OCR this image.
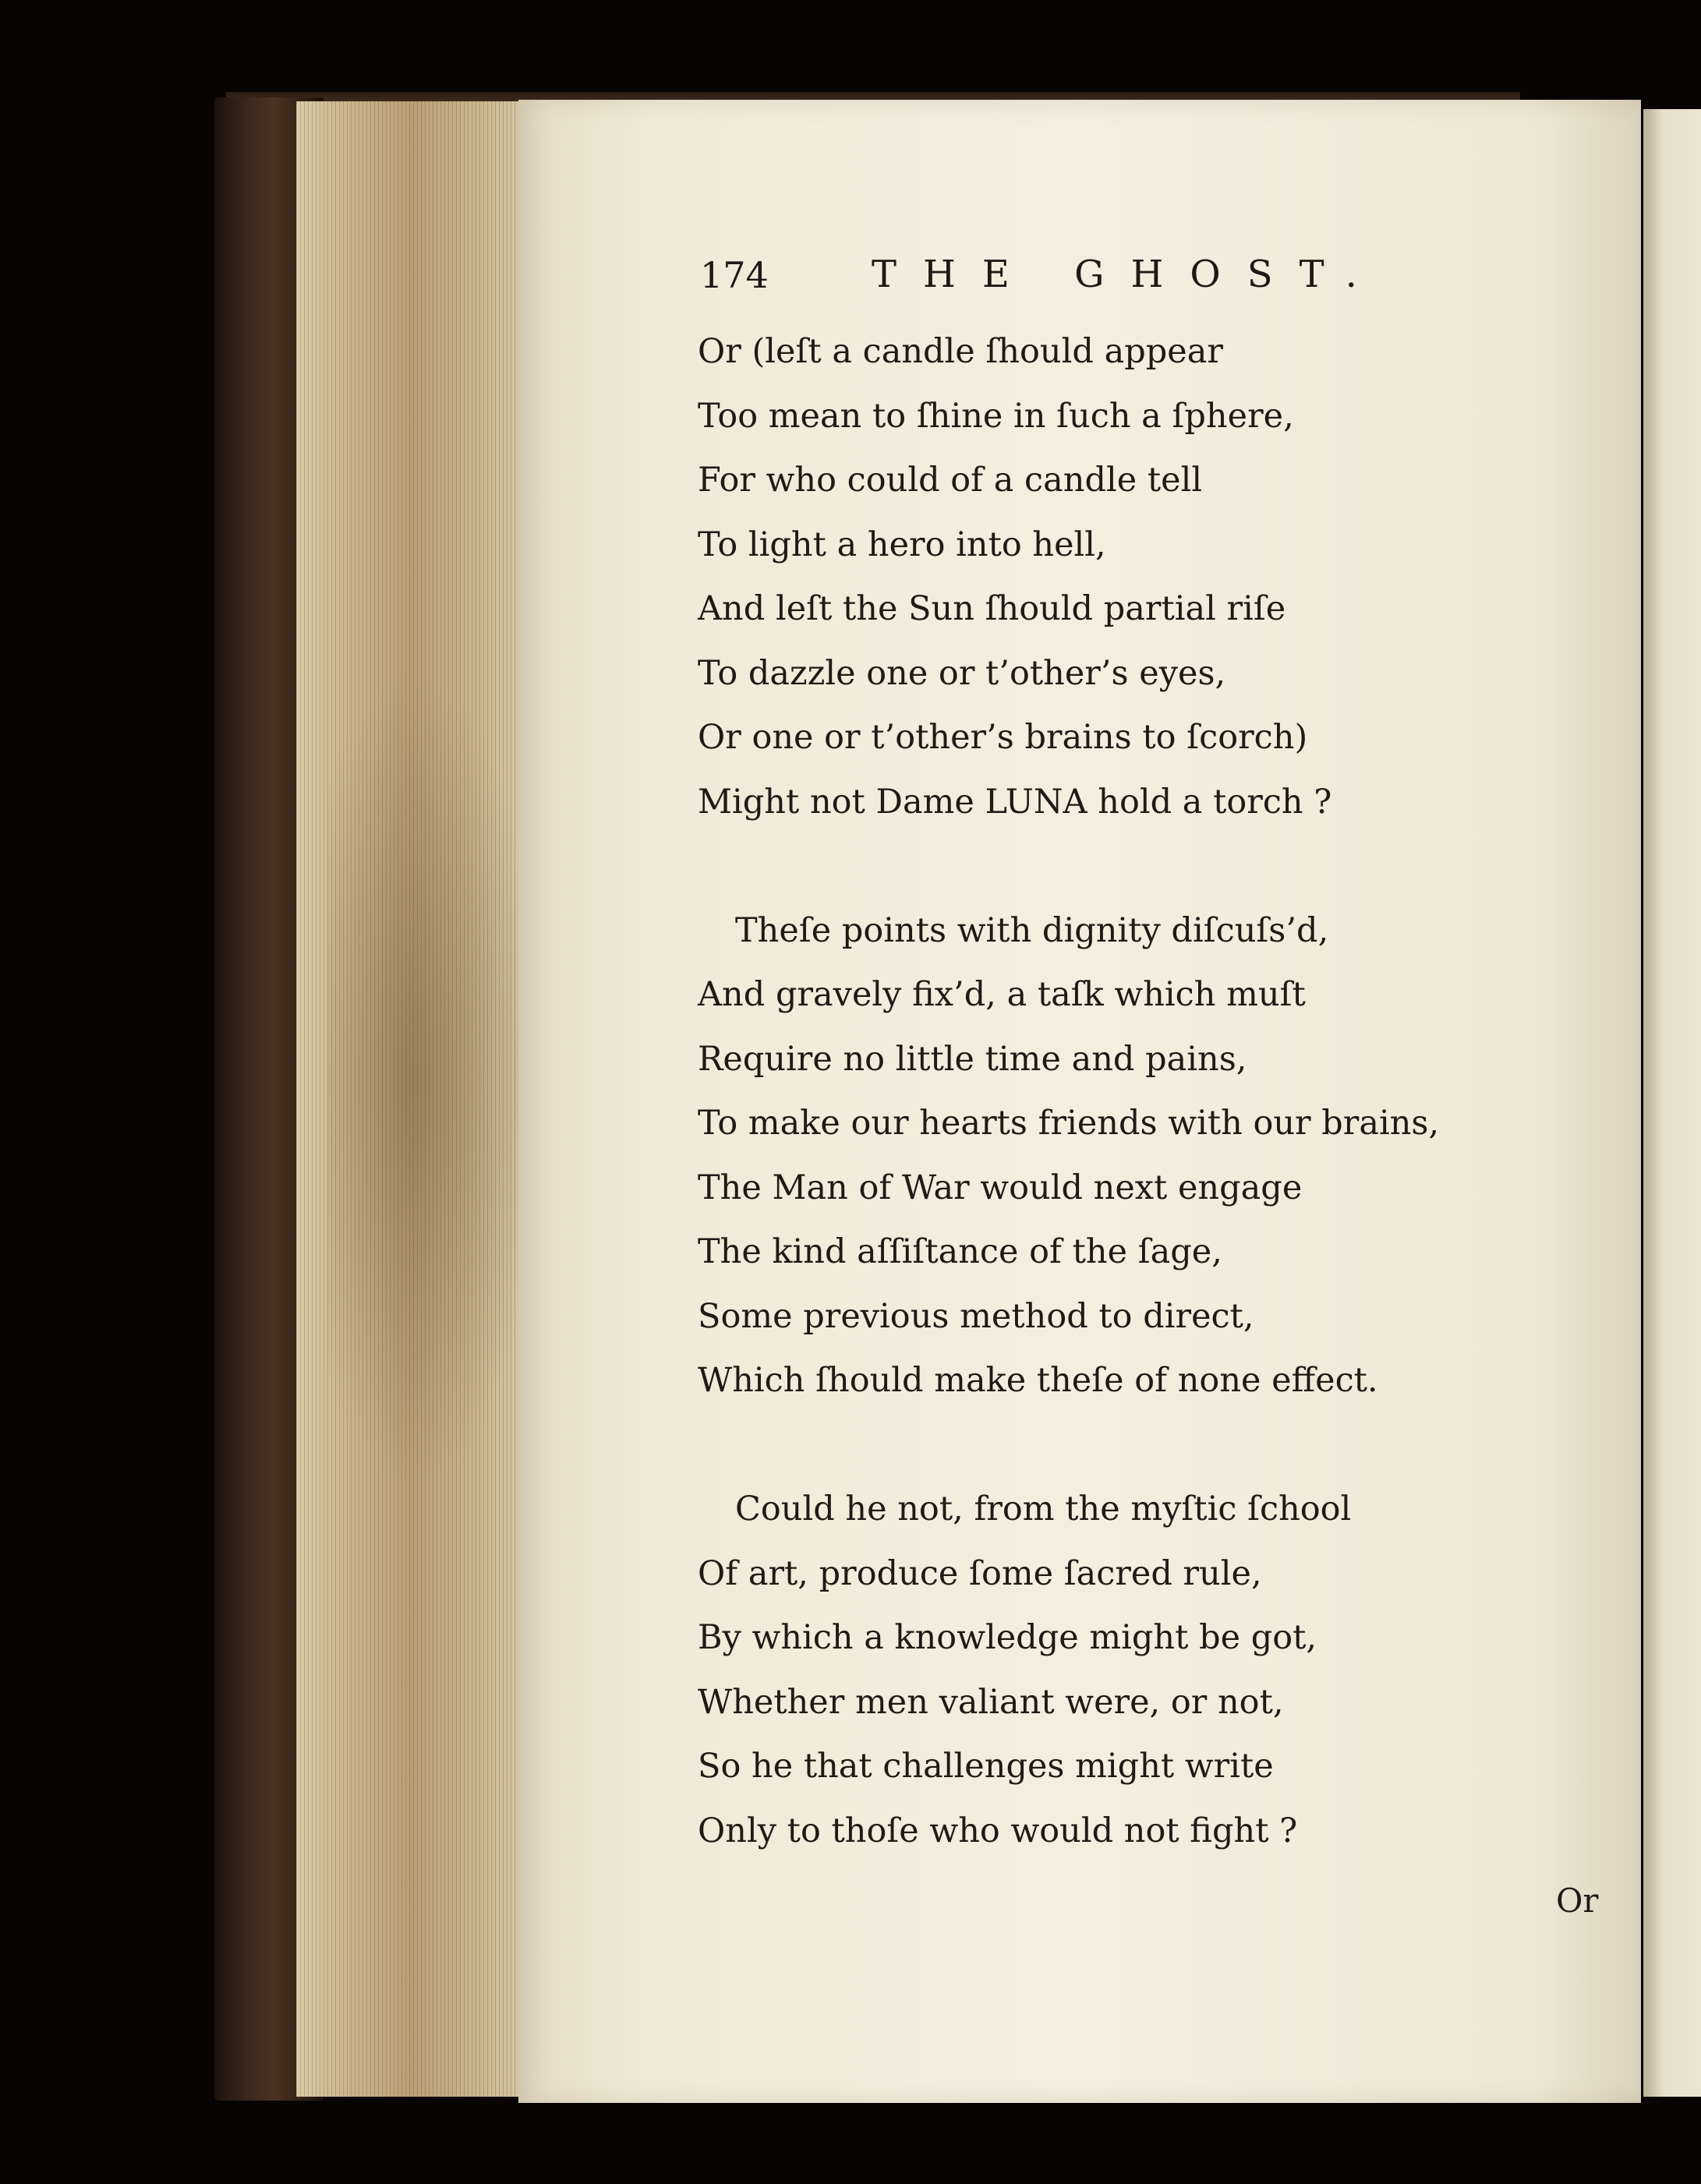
174	THE GHOST.
Or (leſt a candle ſhould appear
Too mean to ſhine in ſuch a ſphere,
For who could of a candle tell
To light a hero into hell,
And leſt the Sun ſhould partial riſe
To dazzle one or t’other’s eyes,
Or one or t’other’s brains to ſcorch)
Might not Dame LUNA hold a torch ?
Theſe points with dignity diſcuſs’d,
And gravely fix’d, a taſk which muſt
Require no little time and pains,
To make our hearts friends with our brains,
The Man of War would next engage
The kind aſſiſtance of the ſage,
Some previous method to direct,
Which ſhould make theſe of none effect.
Could he not, from the myſtic ſchool
Of art, produce ſome ſacred rule,
By which a knowledge might be got,
Whether men valiant were, or not,
So he that challenges might write
Only to thoſe who would not fight ?
Or
